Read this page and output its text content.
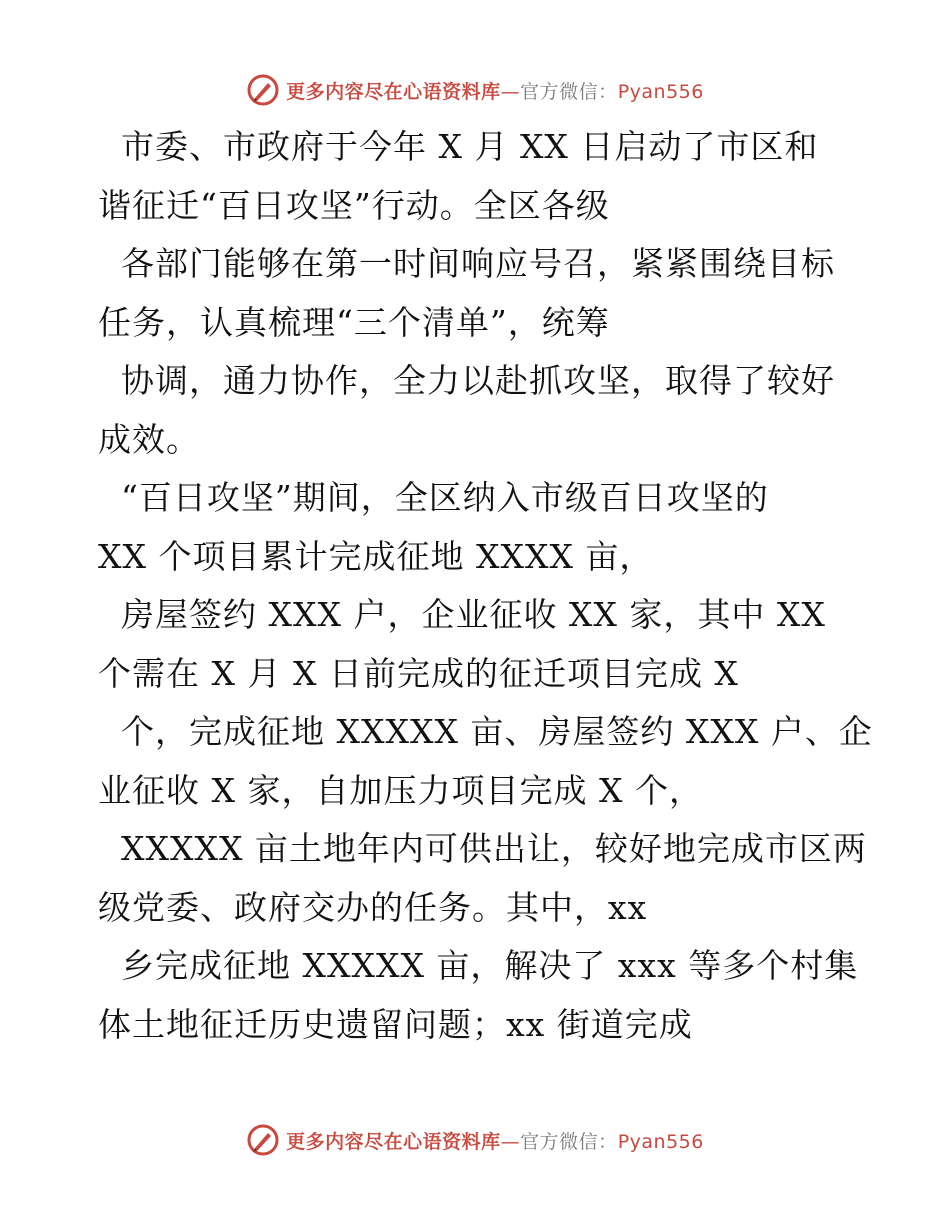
更多内容尽在心语资料库—官方微信：Pyan556
市委、市政府于今年 X 月 XX 日启动了市区和
谐征迁“百日攻坚”行动。全区各级
各部门能够在第一时间响应号召，紧紧围绕目标
任务，认真梳理“三个清单”，统筹
协调，通力协作，全力以赴抓攻坚，取得了较好
成效。
“百日攻坚”期间，全区纳入市级百日攻坚的
XX 个项目累计完成征地 XXXX 亩，
房屋签约 XXX 户，企业征收 XX 家，其中 XX
个需在 X 月 X 日前完成的征迁项目完成 X
个，完成征地 XXXXX 亩、房屋签约 XXX 户、企
业征收 X 家，自加压力项目完成 X 个，
XXXXX 亩土地年内可供出让，较好地完成市区两
级党委、政府交办的任务。其中，xx
乡完成征地 XXXXX 亩，解决了 xxx 等多个村集
体土地征迁历史遗留问题；xx 街道完成
更多内容尽在心语资料库—官方微信：Pyan556
